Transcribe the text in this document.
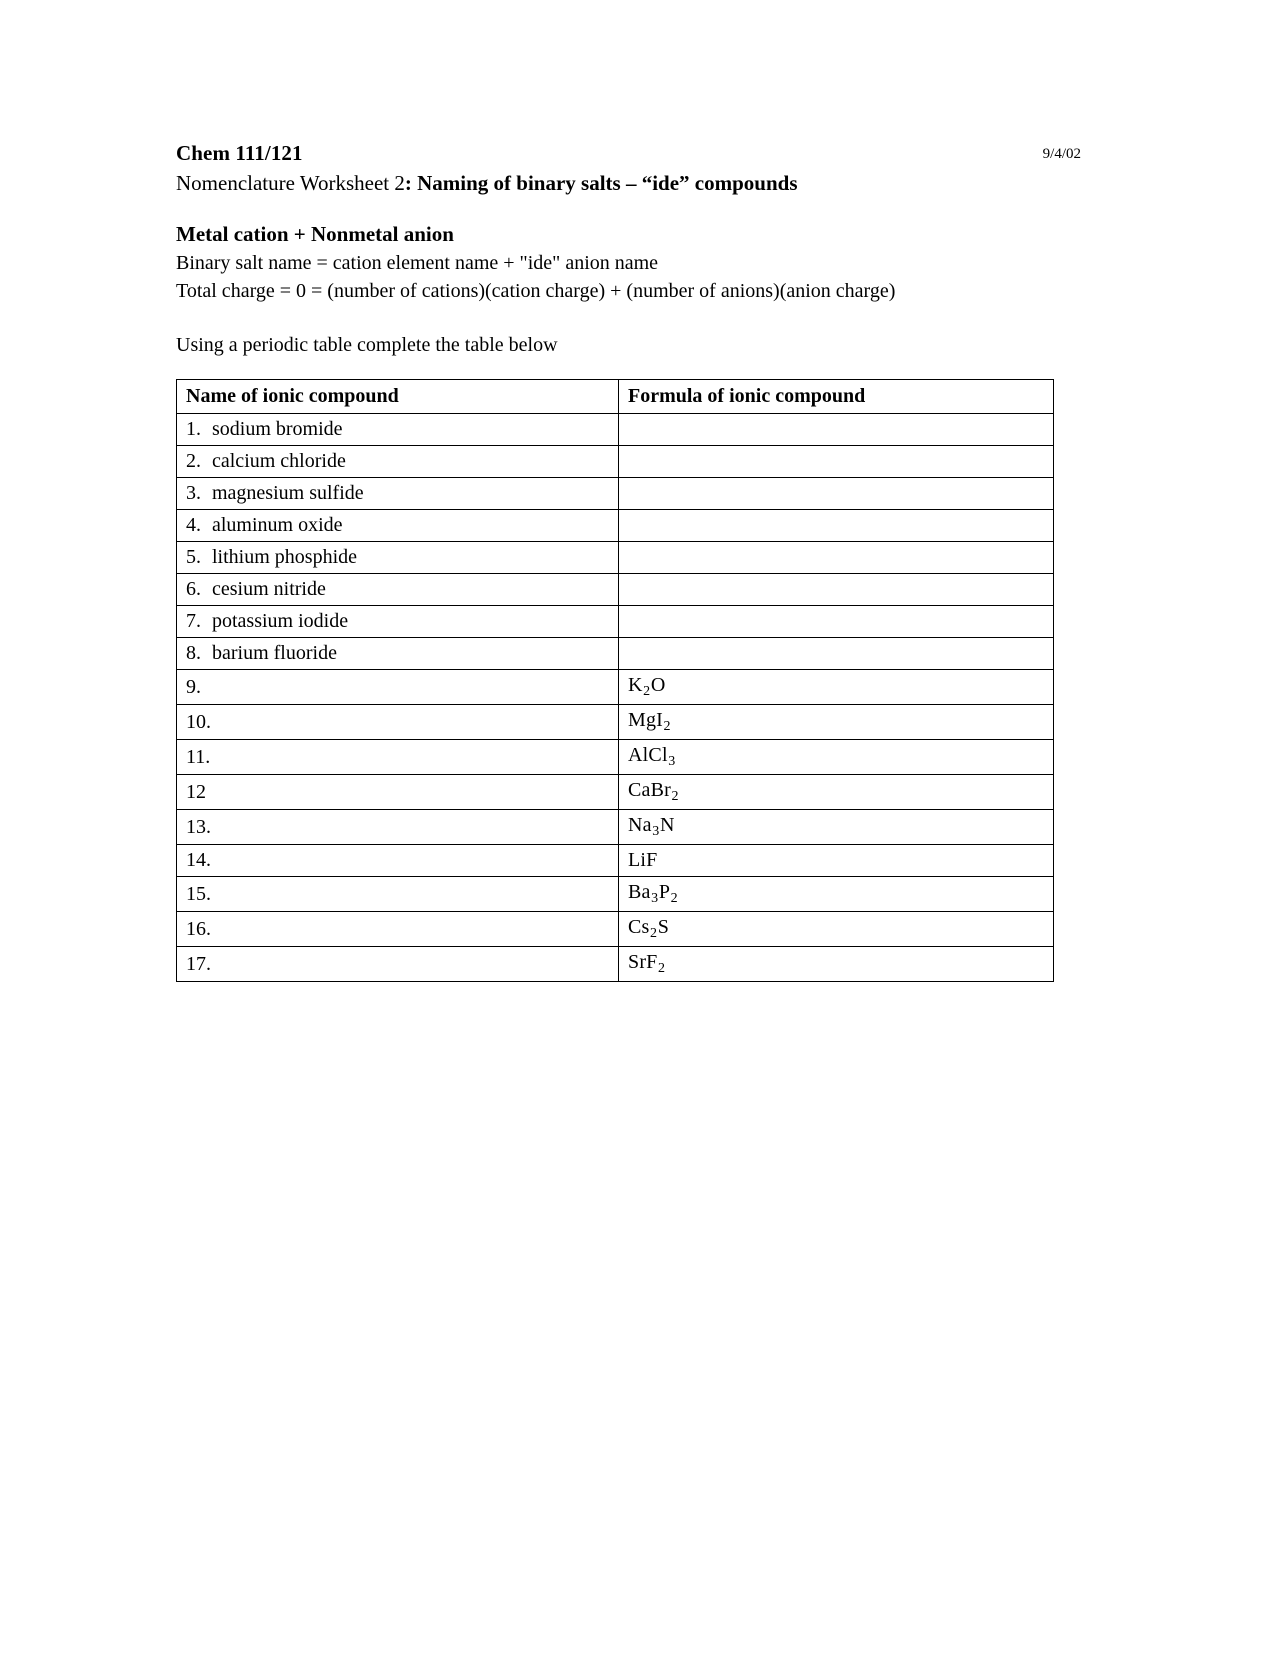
Chem 111/121	9/4/02
Nomenclature Worksheet 2: Naming of binary salts – “ide” compounds
Metal cation + Nonmetal anion
Binary salt name = cation element name + "ide" anion name
Total charge = 0 = (number of cations)(cation charge) + (number of anions)(anion charge)
Using a periodic table complete the table below
Name of ionic compound	Formula of ionic compound
1. sodium bromide	
2. calcium chloride	
3. magnesium sulfide	
4. aluminum oxide	
5. lithium phosphide	
6. cesium nitride	
7. potassium iodide	
8. barium fluoride	
9.	$K_2O$
10.	MgI$_2$
11.	AlCl$_3$
12	CaBr$_2$
13.	$Na_3N$
14.	LiF
15.	$Ba_3P_2$
16.	$Cs_2S$
17.	SrF$_2$
